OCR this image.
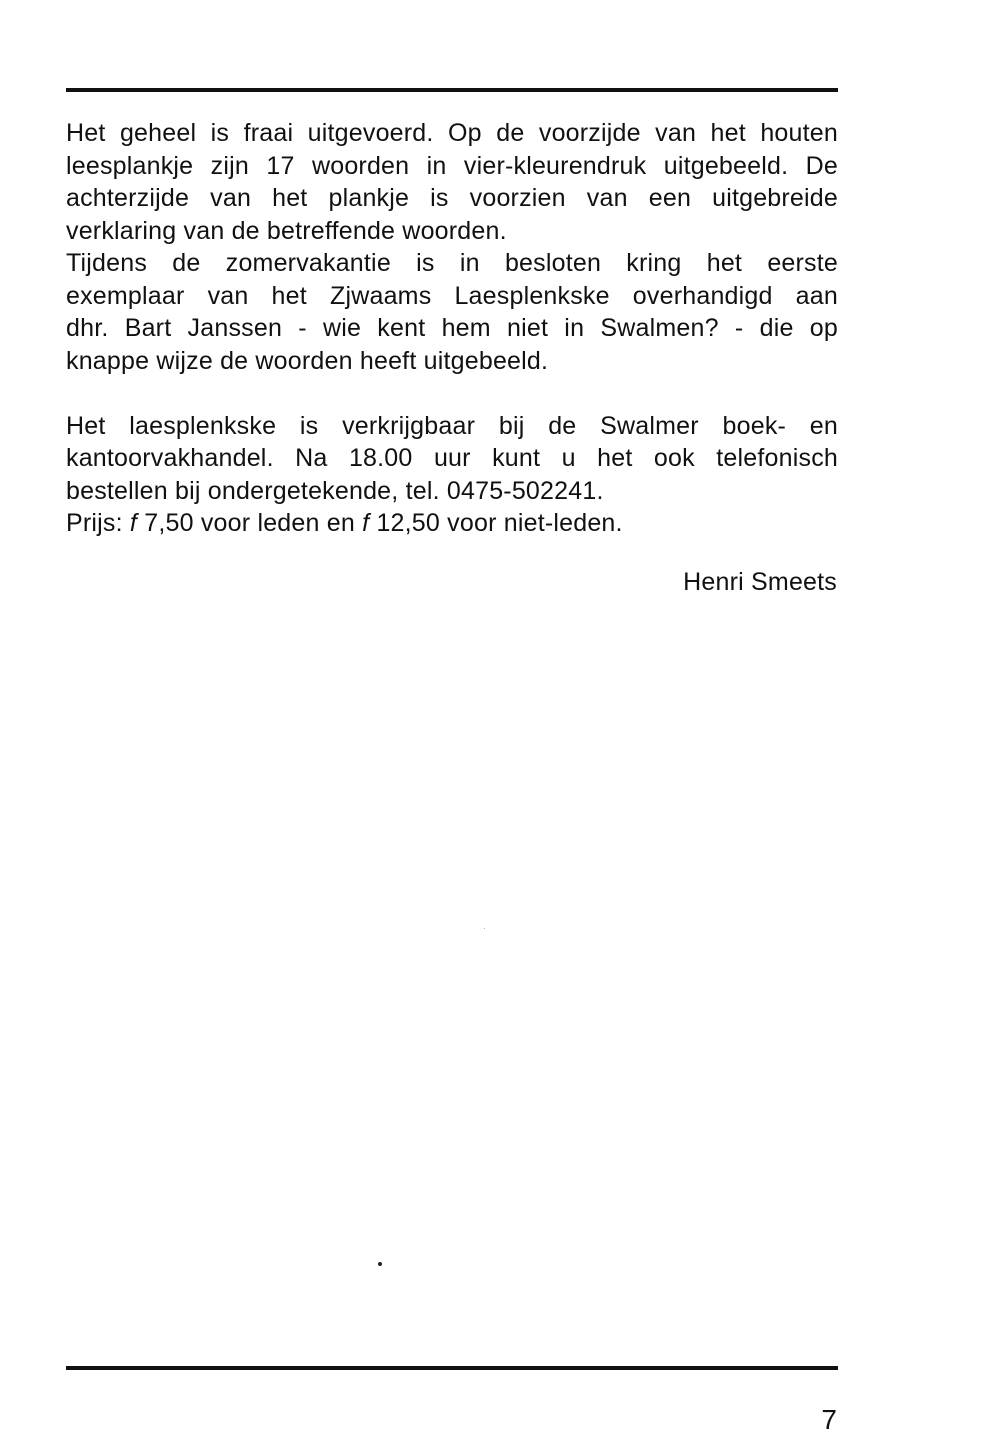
Het geheel is fraai uitgevoerd. Op de voorzijde van het houten
leesplankje zijn 17 woorden in vier-kleurendruk uitgebeeld. De
achterzijde van het plankje is voorzien van een uitgebreide
verklaring van de betreffende woorden.
Tijdens de zomervakantie is in besloten kring het eerste
exemplaar van het Zjwaams Laesplenkske overhandigd aan
dhr. Bart Janssen - wie kent hem niet in Swalmen? - die op
knappe wijze de woorden heeft uitgebeeld.
Het laesplenkske is verkrijgbaar bij de Swalmer boek- en
kantoorvakhandel. Na 18.00 uur kunt u het ook telefonisch
bestellen bij ondergetekende, tel. 0475-502241.
Prijs: f 7,50 voor leden en f 12,50 voor niet-leden.
Henri Smeets
7
